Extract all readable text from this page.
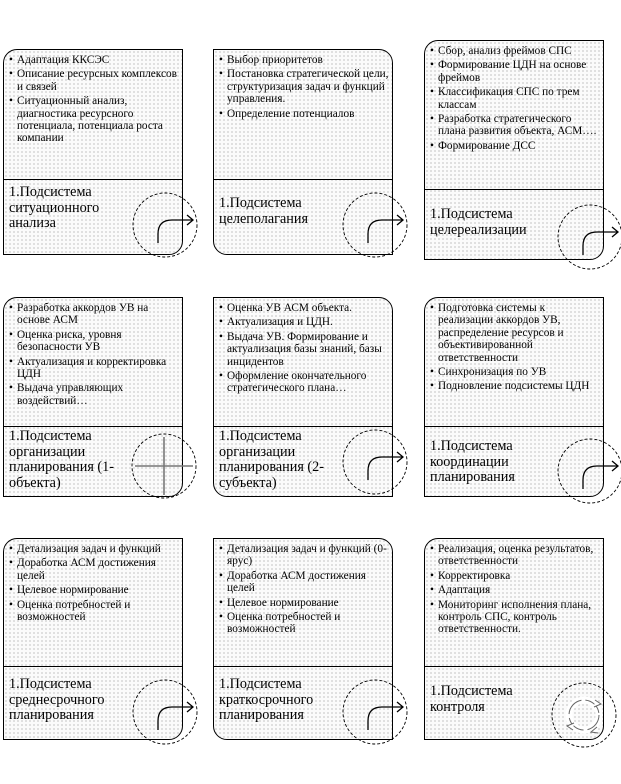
• Адаптация ККСЭС
• Описание ресурсных комплексов и связей
• Ситуационный анализ, диагностика ресурсного потенциала, потенциала роста компании
1.Подсистема ситуационного анализа
• Выбор приоритетов
• Постановка стратегической цели, структуризация задач и функций управления.
• Определение потенциалов
1.Подсистема целеполагания
• Сбор, анализ фреймов СПС
• Формирование ЦДН на основе фреймов
• Классификация СПС по трем классам
• Разработка стратегического плана развития объекта, АСМ….
• Формирование ДСС
1.Подсистема целереализации
• Разработка аккордов УВ на основе АСМ
• Оценка риска, уровня безопасности УВ
• Актуализация и корректировка ЦДН
• Выдача управляющих воздействий…
1.Подсистема организации планирования (1-объекта)
• Оценка УВ АСМ объекта.
• Актуализация и ЦДН.
• Выдача УВ. Формирование и актуализация базы знаний, базы инцидентов
• Оформление окончательного стратегического плана…
1.Подсистема организации планирования (2-субъекта)
• Подготовка системы к реализации аккордов УВ, распределение ресурсов и объективированной ответственности
• Синхронизация по УВ
• Подновление подсистемы ЦДН
1.Подсистема координации планирования
• Детализация задач и функций
• Доработка АСМ достижения целей
• Целевое нормирование
• Оценка потребностей и возможностей
1.Подсистема среднесрочного планирования
• Детализация задач и функций (0-ярус)
• Доработка АСМ достижения целей
• Целевое нормирование
• Оценка потребностей и возможностей
1.Подсистема краткосрочного планирования
• Реализация, оценка результатов, ответственности
• Корректировка
• Адаптация
• Мониторинг исполнения плана, контроль СПС, контроль ответственности.
1.Подсистема контроля
